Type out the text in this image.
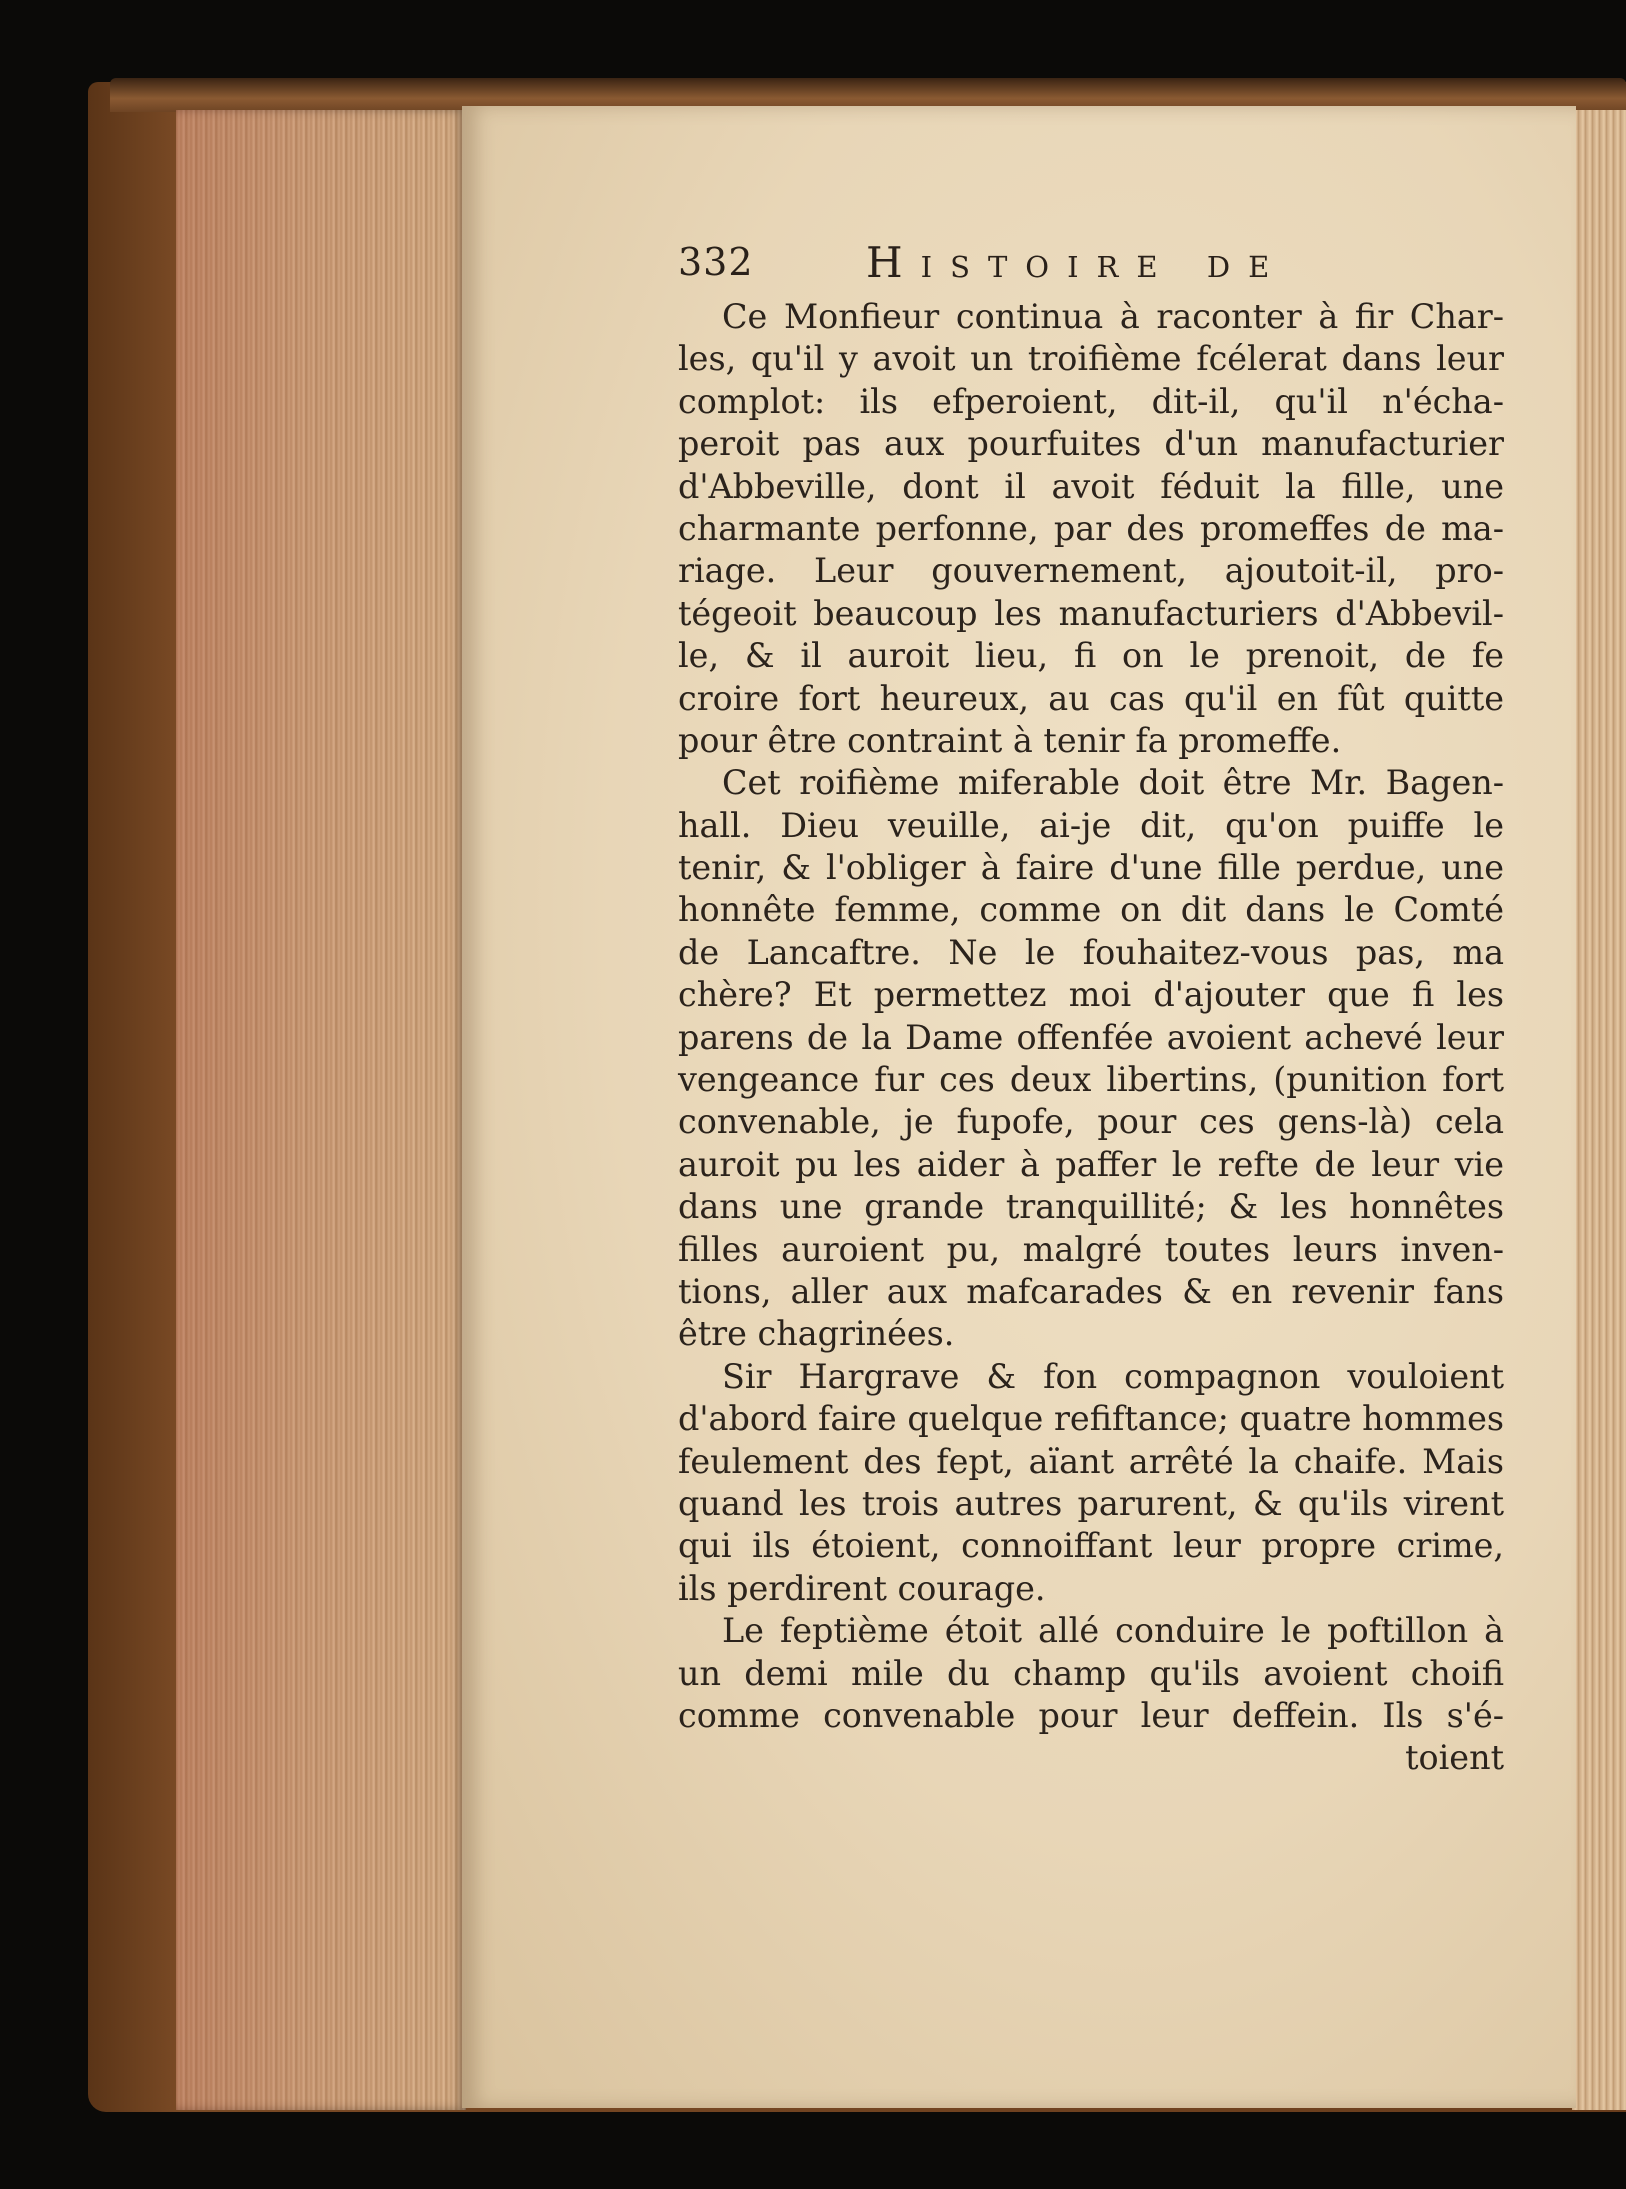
332	Histoire de
Ce Monfieur continua à raconter à fir Char-
les, qu'il y avoit un troifième fcélerat dans leur
complot: ils efperoient, dit-il, qu'il n'écha-
peroit pas aux pourfuites d'un manufacturier
d'Abbeville, dont il avoit féduit la fille, une
charmante perfonne, par des promeffes de ma-
riage. Leur gouvernement, ajoutoit-il, pro-
tégeoit beaucoup les manufacturiers d'Abbevil-
le, & il auroit lieu, fi on le prenoit, de fe
croire fort heureux, au cas qu'il en fût quitte
pour être contraint à tenir fa promeffe.
Cet roifième miferable doit être Mr. Bagen-
hall. Dieu veuille, ai-je dit, qu'on puiffe le
tenir, & l'obliger à faire d'une fille perdue, une
honnête femme, comme on dit dans le Comté
de Lancaftre. Ne le fouhaitez-vous pas, ma
chère? Et permettez moi d'ajouter que fi les
parens de la Dame offenfée avoient achevé leur
vengeance fur ces deux libertins, (punition fort
convenable, je fupofe, pour ces gens-là) cela
auroit pu les aider à paffer le refte de leur vie
dans une grande tranquillité; & les honnêtes
filles auroient pu, malgré toutes leurs inven-
tions, aller aux mafcarades & en revenir fans
être chagrinées.
Sir Hargrave & fon compagnon vouloient
d'abord faire quelque refiftance; quatre hommes
feulement des fept, aïant arrêté la chaife. Mais
quand les trois autres parurent, & qu'ils virent
qui ils étoient, connoiffant leur propre crime,
ils perdirent courage.
Le feptième étoit allé conduire le poftillon à
un demi mile du champ qu'ils avoient choifi
comme convenable pour leur deffein. Ils s'é-
toient
